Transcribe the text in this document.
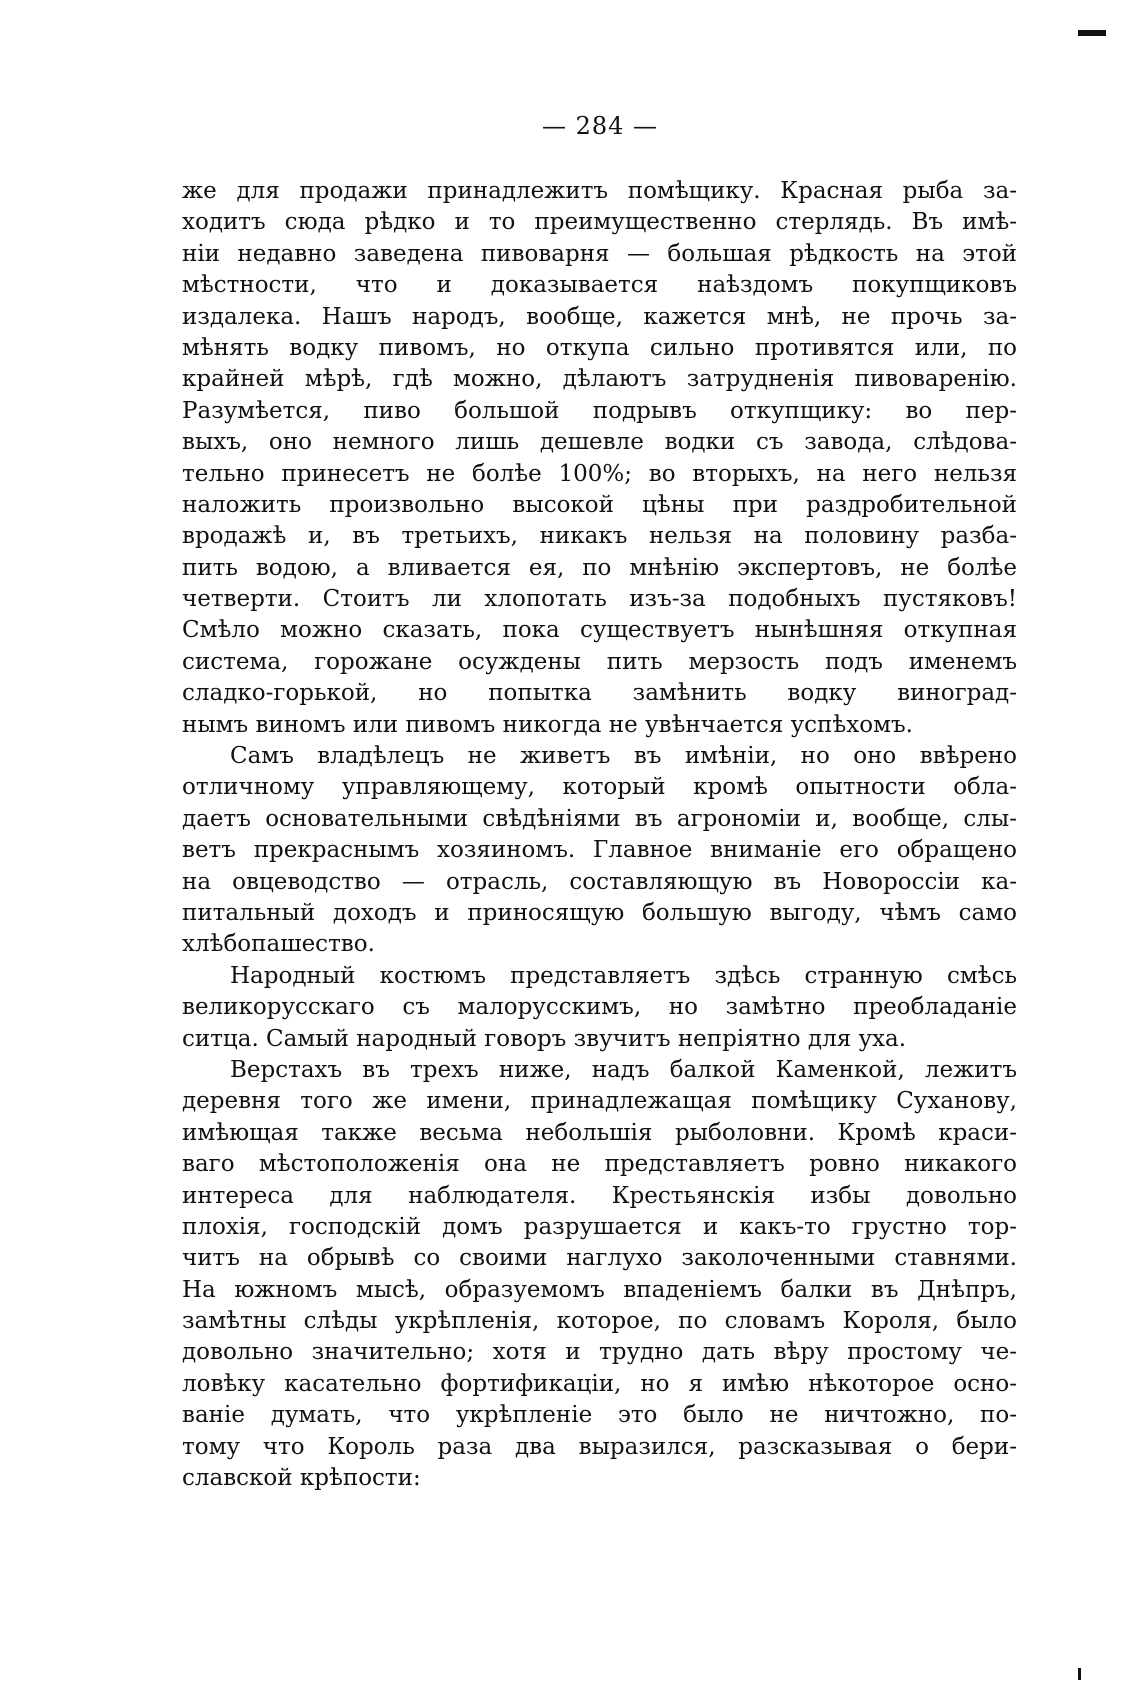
— 284 —
же для продажи принадлежитъ помѣщику. Красная рыба за-
ходитъ сюда рѣдко и то преимущественно стерлядь. Въ имѣ-
нiи недавно заведена пивоварня — большая рѣдкость на этой
мѣстности, что и доказывается наѣздомъ покупщиковъ
издалека. Нашъ народъ, вообще, кажется мнѣ, не прочь за-
мѣнять водку пивомъ, но откупа сильно противятся или, по
крайней мѣрѣ, гдѣ можно, дѣлаютъ затрудненiя пивоваренiю.
Разумѣется, пиво большой подрывъ откупщику: во пер-
выхъ, оно немного лишь дешевле водки съ завода, слѣдова-
тельно принесетъ не болѣе 100%; во вторыхъ, на него нельзя
наложить произвольно высокой цѣны при раздробительной
вродажѣ и, въ третьихъ, никакъ нельзя на половину разба-
пить водою, а вливается ея, по мнѣнiю экспертовъ, не болѣе
четверти. Стоитъ ли хлопотать изъ-за подобныхъ пустяковъ!
Смѣло можно сказать, пока существуетъ нынѣшняя откупная
система, горожане осуждены пить мерзость подъ именемъ
сладко-горькой, но попытка замѣнить водку виноград-
нымъ виномъ или пивомъ никогда не увѣнчается успѣхомъ.
Самъ владѣлецъ не живетъ въ имѣнiи, но оно ввѣрено
отличному управляющему, который кромѣ опытности обла-
даетъ основательными свѣдѣнiями въ агрономiи и, вообще, слы-
ветъ прекраснымъ хозяиномъ. Главное вниманiе его обращено
на овцеводство — отрасль, составляющую въ Новороссiи ка-
питальный доходъ и приносящую большую выгоду, чѣмъ само
хлѣбопашество.
Народный костюмъ представляетъ здѣсь странную смѣсь
великорусскаго съ малорусскимъ, но замѣтно преобладанiе
ситца. Самый народный говоръ звучитъ непрiятно для уха.
Верстахъ въ трехъ ниже, надъ балкой Каменкой, лежитъ
деревня того же имени, принадлежащая помѣщику Суханову,
имѣющая также весьма небольшiя рыболовни. Кромѣ краси-
ваго мѣстоположенiя она не представляетъ ровно никакого
интереса для наблюдателя. Крестьянскiя избы довольно
плохiя, господскiй домъ разрушается и какъ-то грустно тор-
читъ на обрывѣ со своими наглухо заколоченными ставнями.
На южномъ мысѣ, образуемомъ впаденiемъ балки въ Днѣпръ,
замѣтны слѣды укрѣпленiя, которое, по словамъ Короля, было
довольно значительно; хотя и трудно дать вѣру простому че-
ловѣку касательно фортификацiи, но я имѣю нѣкоторое осно-
ванiе думать, что укрѣпленiе это было не ничтожно, по-
тому что Король раза два выразился, разсказывая о бери-
славской крѣпости:
